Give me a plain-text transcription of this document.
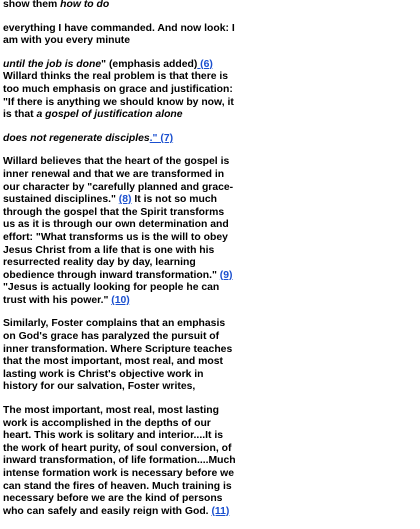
show them how to do

everything I have commanded. And now look: I am with you every minute

until the job is done" (emphasis added) (6) Willard thinks the real problem is that there is too much emphasis on grace and justification: "If there is anything we should know by now, it is that a gospel of justification alone

does not regenerate disciples." (7)

Willard believes that the heart of the gospel is inner renewal and that we are transformed in our character by "carefully planned and grace-sustained disciplines." (8) It is not so much through the gospel that the Spirit transforms us as it is through our own determination and effort: "What transforms us is the will to obey Jesus Christ from a life that is one with his resurrected reality day by day, learning obedience through inward transformation." (9) "Jesus is actually looking for people he can trust with his power." (10)

Similarly, Foster complains that an emphasis on God's grace has paralyzed the pursuit of inner transformation. Where Scripture teaches that the most important, most real, and most lasting work is Christ's objective work in history for our salvation, Foster writes,

The most important, most real, most lasting work is accomplished in the depths of our heart. This work is solitary and interior....It is the work of heart purity, of soul conversion, of inward transformation, of life formation....Much intense formation work is necessary before we can stand the fires of heaven. Much training is necessary before we are the kind of persons who can safely and easily reign with God. (11)
